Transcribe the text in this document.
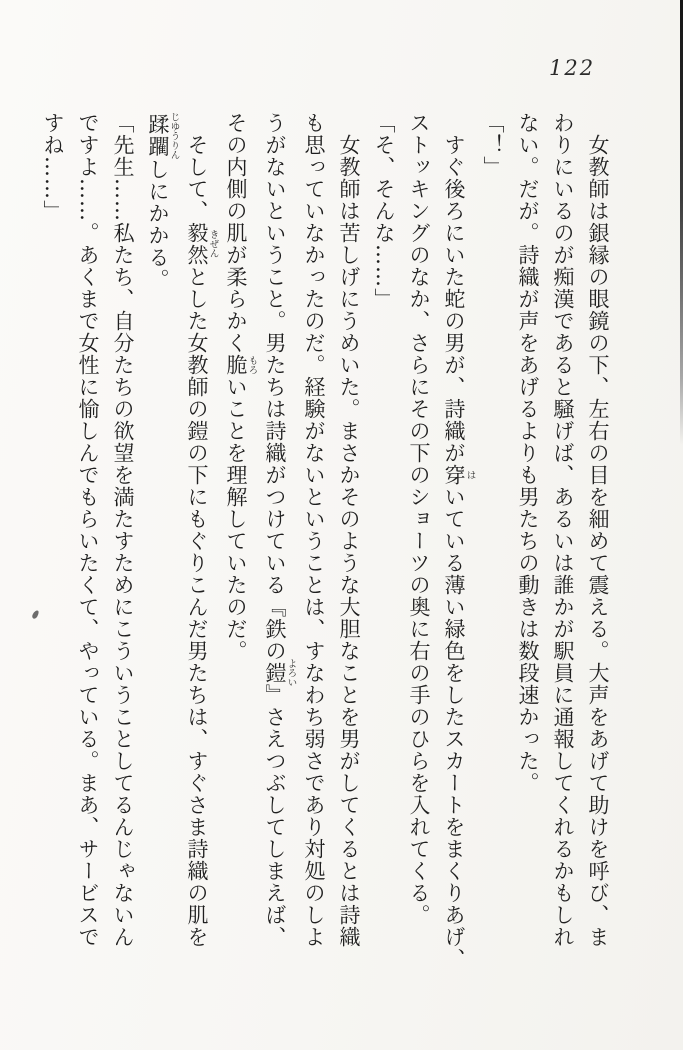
122

　女教師は銀縁の眼鏡の下、左右の目を細めて震える。大声をあげて助けを呼び、ま

わりにいるのが痴漢であると騒げば、あるいは誰かが駅員に通報してくれるかもしれ

ない。だが。詩織が声をあげるよりも男たちの動きは数段速かった。

「！」

　すぐ後ろにいた蛇の男が、詩織が穿はいている薄い緑色をしたスカートをまくりあげ、

ストッキングのなか、さらにその下のショーツの奥に右の手のひらを入れてくる。

「そ、そんな……」

　女教師は苦しげにうめいた。まさかそのような大胆なことを男がしてくるとは詩織

も思っていなかったのだ。経験がないということは、すなわち弱さであり対処のしよ

うがないということ。男たちは詩織がつけている『鉄の鎧よろい』さえつぶしてしまえば、

その内側の肌が柔らかく脆もろいことを理解していたのだ。

　そして、毅然きぜんとした女教師の鎧の下にもぐりこんだ男たちは、すぐさま詩織の肌を

蹂躙じゆうりんしにかかる。

「先生……私たち、自分たちの欲望を満たすためにこういうことしてるんじゃないん

ですよ……。あくまで女性に愉しんでもらいたくて、やっている。まあ、サービスで

すね……」
